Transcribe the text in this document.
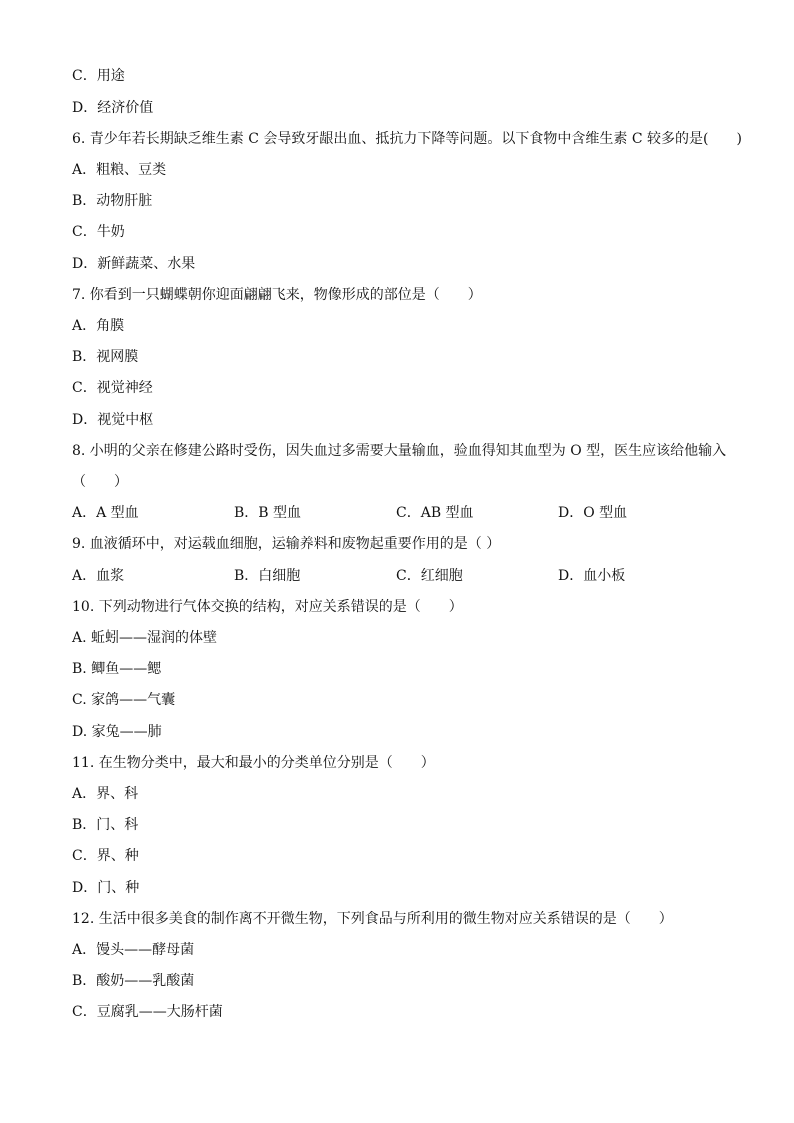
C．用途
D．经济价值
6. 青少年若长期缺乏维生素 C 会导致牙龈出血、抵抗力下降等问题。以下食物中含维生素 C 较多的是(　　)
A．粗粮、豆类
B．动物肝脏
C．牛奶
D．新鲜蔬菜、水果
7. 你看到一只蝴蝶朝你迎面翩翩飞来，物像形成的部位是（　　）
A．角膜
B．视网膜
C．视觉神经
D．视觉中枢
8. 小明的父亲在修建公路时受伤，因失血过多需要大量输血，验血得知其血型为 O 型，医生应该给他输入
（　　）
A．A 型血	B．B 型血	C．AB 型血	D．O 型血
9. 血液循环中，对运载血细胞，运输养料和废物起重要作用的是（ ）
A．血浆	B．白细胞	C．红细胞	D．血小板
10. 下列动物进行气体交换的结构，对应关系错误的是（　　）
A. 蚯蚓——湿润的体壁
B. 鲫鱼——鳃
C. 家鸽——气囊
D. 家兔——肺
11. 在生物分类中，最大和最小的分类单位分别是（　　）
A．界、科
B．门、科
C．界、种
D．门、种
12. 生活中很多美食的制作离不开微生物，下列食品与所利用的微生物对应关系错误的是（　　）
A．馒头——酵母菌
B．酸奶——乳酸菌
C．豆腐乳——大肠杆菌
